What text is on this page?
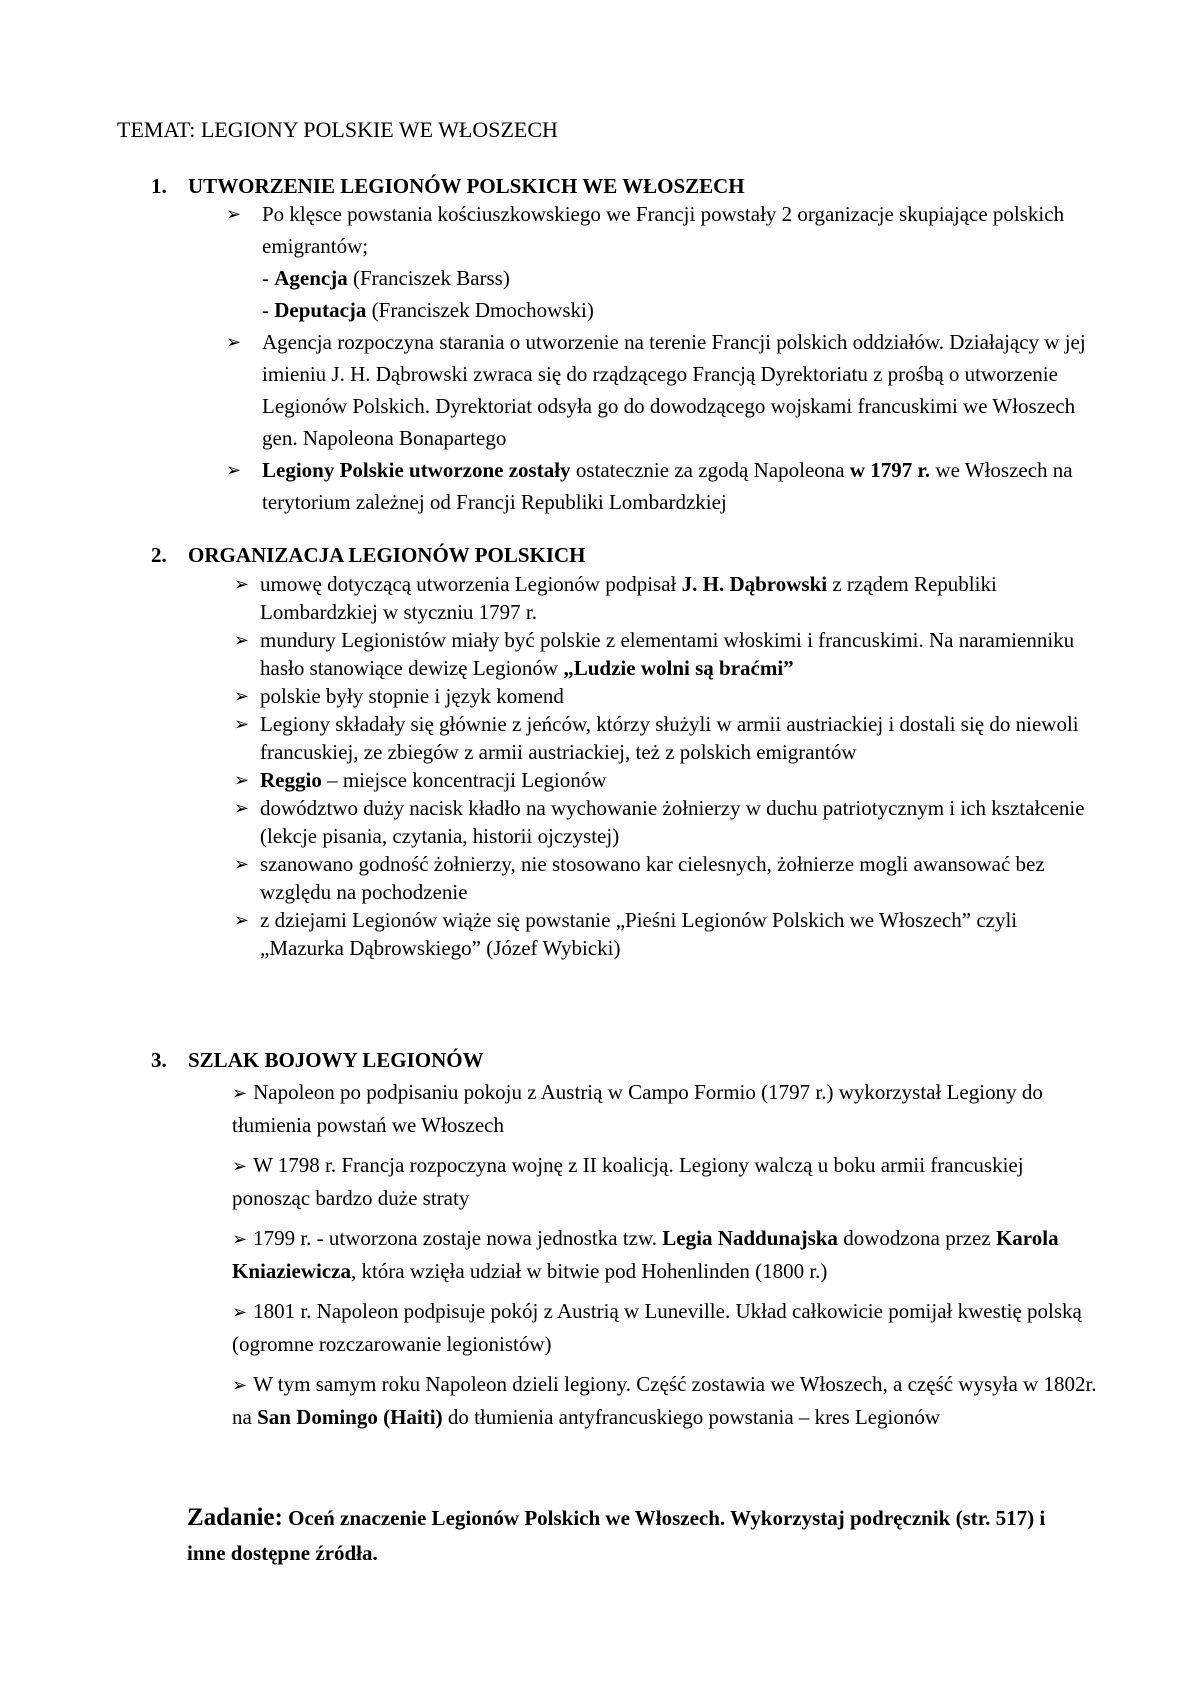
TEMAT: LEGIONY POLSKIE WE WŁOSZECH
1. UTWORZENIE LEGIONÓW POLSKICH WE WŁOSZECH
➢ Po klęsce powstania kościuszkowskiego we Francji powstały 2 organizacje skupiające polskich emigrantów;
- Agencja (Franciszek Barss)
- Deputacja (Franciszek Dmochowski)
➢ Agencja rozpoczyna starania o utworzenie na terenie Francji polskich oddziałów. Działający w jej imieniu J. H. Dąbrowski zwraca się do rządzącego Francją Dyrektoriatu z prośbą o utworzenie Legionów Polskich. Dyrektoriat odsyła go do dowodzącego wojskami francuskimi we Włoszech gen. Napoleona Bonapartego
➢ Legiony Polskie utworzone zostały ostatecznie za zgodą Napoleona w 1797 r. we Włoszech na terytorium zależnej od Francji Republiki Lombardzkiej
2. ORGANIZACJA LEGIONÓW POLSKICH
➢ umowę dotyczącą utworzenia Legionów podpisał J. H. Dąbrowski z rządem Republiki Lombardzkiej w styczniu 1797 r.
➢ mundury Legionistów miały być polskie z elementami włoskimi i francuskimi. Na naramienniku hasło stanowiące dewizę Legionów „Ludzie wolni są braćmi”
➢ polskie były stopnie i język komend
➢ Legiony składały się głównie z jeńców, którzy służyli w armii austriackiej i dostali się do niewoli francuskiej, ze zbiegów z armii austriackiej, też z polskich emigrantów
➢ Reggio – miejsce koncentracji Legionów
➢ dowództwo duży nacisk kładło na wychowanie żołnierzy w duchu patriotycznym i ich kształcenie (lekcje pisania, czytania, historii ojczystej)
➢ szanowano godność żołnierzy, nie stosowano kar cielesnych, żołnierze mogli awansować bez względu na pochodzenie
➢ z dziejami Legionów wiąże się powstanie „Pieśni Legionów Polskich we Włoszech” czyli „Mazurka Dąbrowskiego” (Józef Wybicki)
3. SZLAK BOJOWY LEGIONÓW
➢ Napoleon po podpisaniu pokoju z Austrią w Campo Formio (1797 r.) wykorzystał Legiony do tłumienia powstań we Włoszech
➢ W 1798 r. Francja rozpoczyna wojnę z II koalicją. Legiony walczą u boku armii francuskiej ponosząc bardzo duże straty
➢ 1799 r. - utworzona zostaje nowa jednostka tzw. Legia Naddunajska dowodzona przez Karola Kniaziewicza, która wzięła udział w bitwie pod Hohenlinden (1800 r.)
➢ 1801 r. Napoleon podpisuje pokój z Austrią w Luneville. Układ całkowicie pomijał kwestię polską (ogromne rozczarowanie legionistów)
➢ W tym samym roku Napoleon dzieli legiony. Część zostawia we Włoszech, a część wysyła w 1802r. na San Domingo (Haiti) do tłumienia antyfrancuskiego powstania – kres Legionów
Zadanie: Oceń znaczenie Legionów Polskich we Włoszech. Wykorzystaj podręcznik (str. 517) i inne dostępne źródła.
